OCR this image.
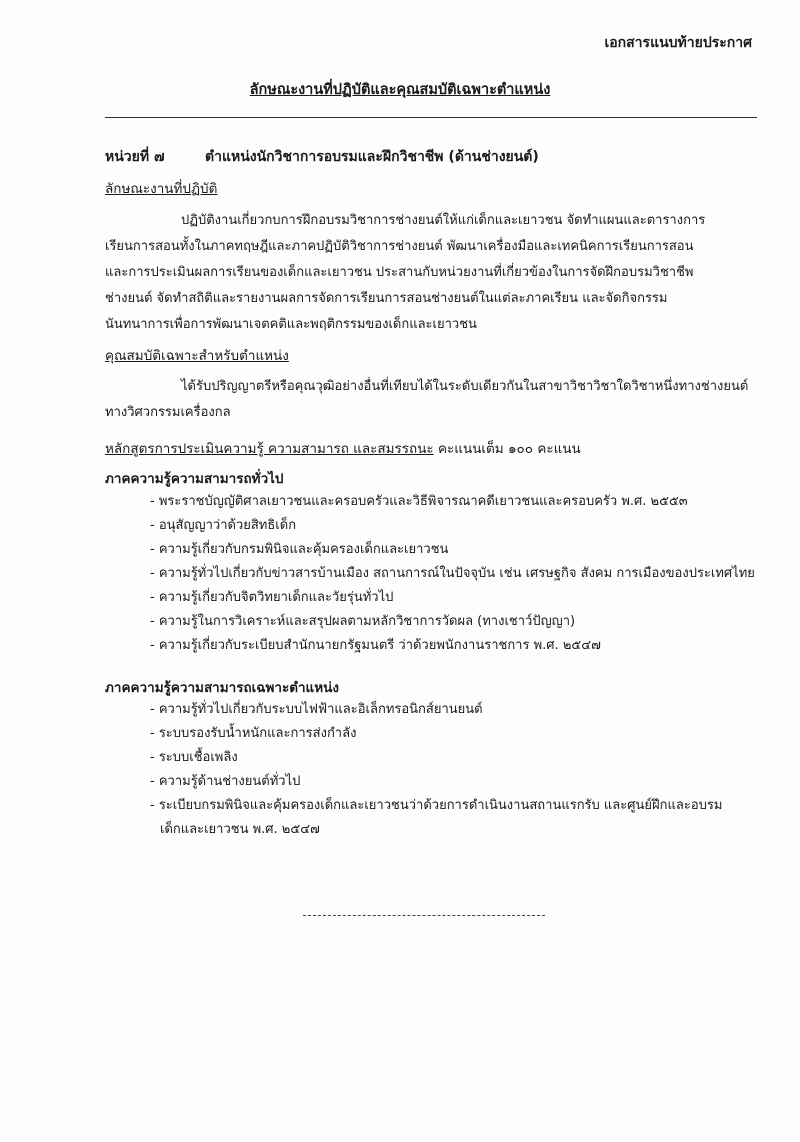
เอกสารแนบท้ายประกาศ
ลักษณะงานที่ปฏิบัติและคุณสมบัติเฉพาะตำแหน่ง
หน่วยที่ ๗	ตำแหน่งนักวิชาการอบรมและฝึกวิชาชีพ (ด้านช่างยนต์)
ลักษณะงานที่ปฏิบัติ
ปฏิบัติงานเกี่ยวกบการฝึกอบรมวิชาการช่างยนต์ให้แก่เด็กและเยาวชน จัดทำแผนและตารางการ
เรียนการสอนทั้งในภาคทฤษฎีและภาคปฏิบัติวิชาการช่างยนต์ พัฒนาเครื่องมือและเทคนิคการเรียนการสอน
และการประเมินผลการเรียนของเด็กและเยาวชน ประสานกับหน่วยงานที่เกี่ยวข้องในการจัดฝึกอบรมวิชาชีพ
ช่างยนต์ จัดทำสถิติและรายงานผลการจัดการเรียนการสอนช่างยนต์ในแต่ละภาคเรียน และจัดกิจกรรม
นันทนาการเพื่อการพัฒนาเจตคติและพฤติกรรมของเด็กและเยาวชน
คุณสมบัติเฉพาะสำหรับตำแหน่ง
ได้รับปริญญาตรีหรือคุณวุฒิอย่างอื่นที่เทียบได้ในระดับเดียวกันในสาขาวิชาวิชาใดวิชาหนึ่งทางช่างยนต์
ทางวิศวกรรมเครื่องกล
หลักสูตรการประเมินความรู้ ความสามารถ และสมรรถนะ คะแนนเต็ม ๑๐๐ คะแนน
ภาคความรู้ความสามารถทั่วไป
- พระราชบัญญัติศาลเยาวชนและครอบครัวและวิธีพิจารณาคดีเยาวชนและครอบครัว พ.ศ. ๒๕๕๓
- อนุสัญญาว่าด้วยสิทธิเด็ก
- ความรู้เกี่ยวกับกรมพินิจและคุ้มครองเด็กและเยาวชน
- ความรู้ทั่วไปเกี่ยวกับข่าวสารบ้านเมือง สถานการณ์ในปัจจุบัน เช่น เศรษฐกิจ สังคม การเมืองของประเทศไทย
- ความรู้เกี่ยวกับจิตวิทยาเด็กและวัยรุ่นทั่วไป
- ความรู้ในการวิเคราะห์และสรุปผลตามหลักวิชาการวัดผล (ทางเชาว์ปัญญา)
- ความรู้เกี่ยวกับระเบียบสำนักนายกรัฐมนตรี ว่าด้วยพนักงานราชการ พ.ศ. ๒๕๔๗
ภาคความรู้ความสามารถเฉพาะตำแหน่ง
- ความรู้ทั่วไปเกี่ยวกับระบบไฟฟ้าและอิเล็กทรอนิกส์ยานยนต์
- ระบบรองรับน้ำหนักและการส่งกำลัง
- ระบบเชื้อเพลิง
- ความรู้ด้านช่างยนต์ทั่วไป
- ระเบียบกรมพินิจและคุ้มครองเด็กและเยาวชนว่าด้วยการดำเนินงานสถานแรกรับ และศูนย์ฝึกและอบรม
เด็กและเยาวชน พ.ศ. ๒๕๔๗
